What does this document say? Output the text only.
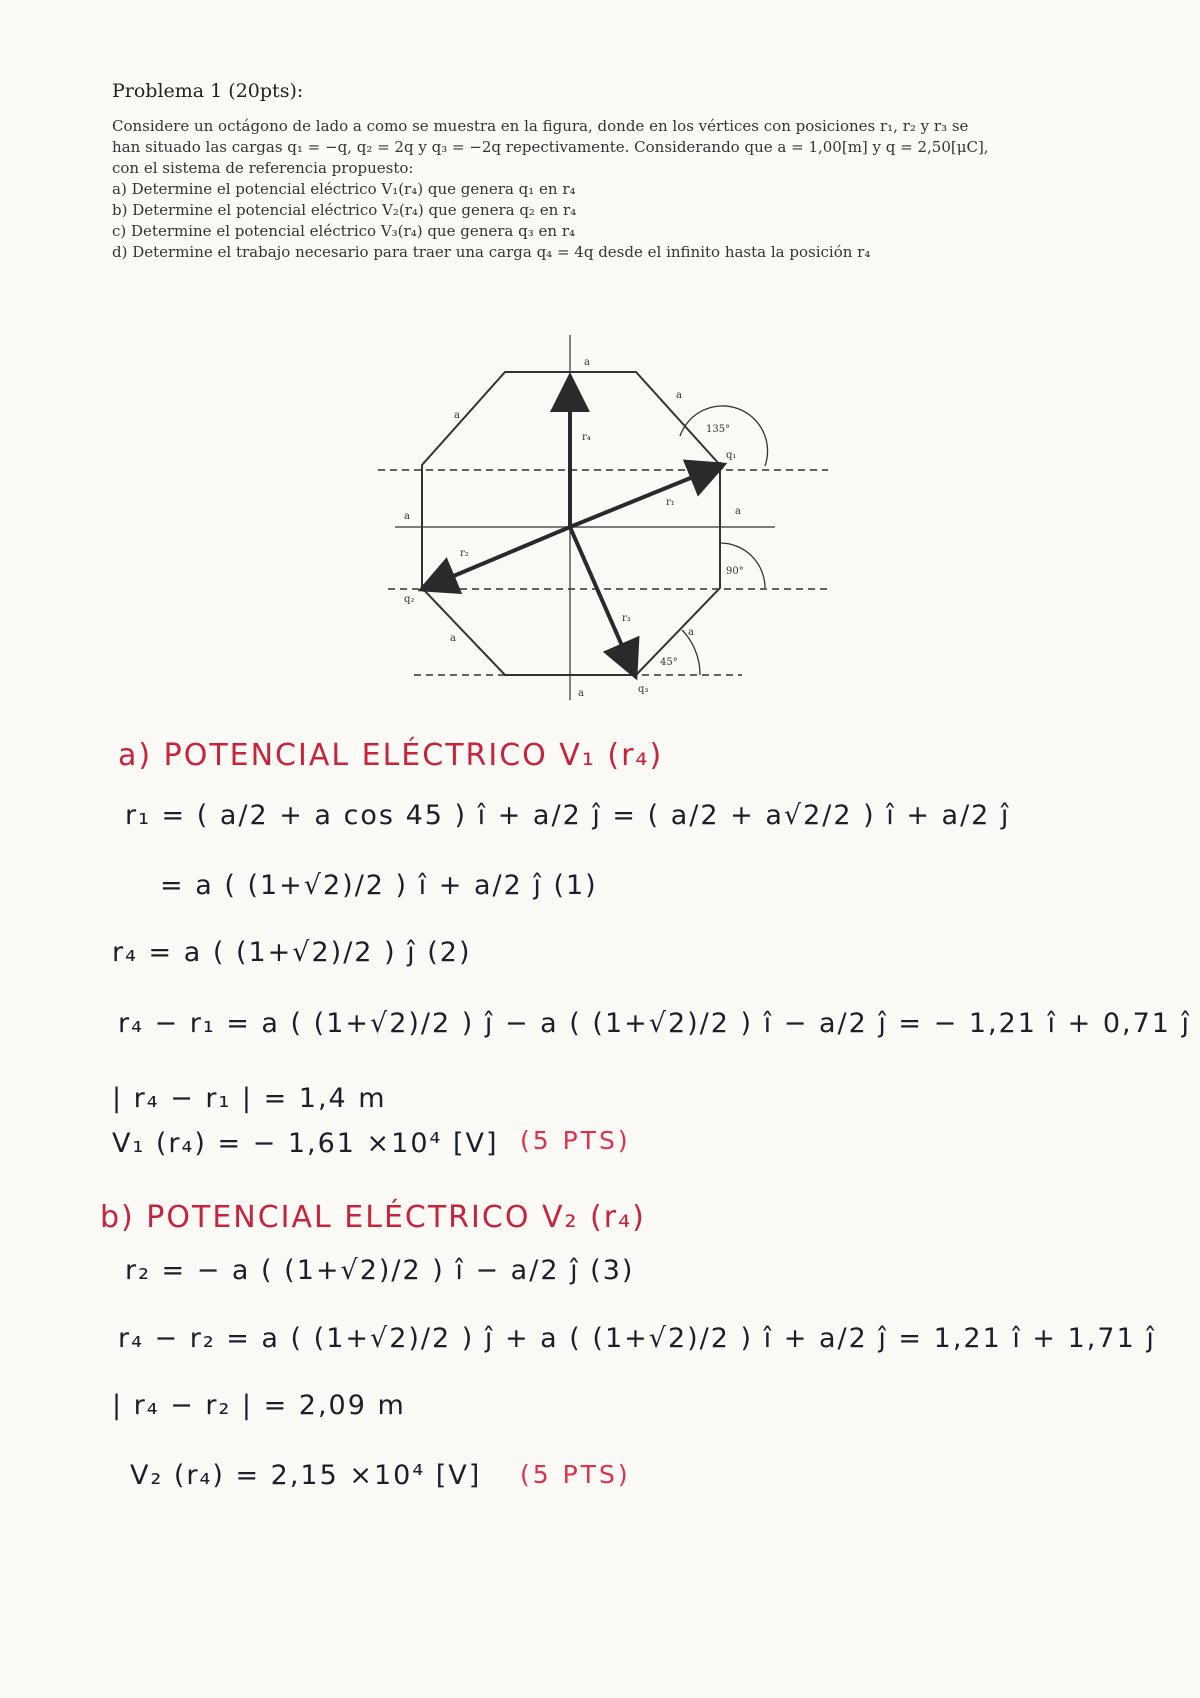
Problema 1 (20pts):
Considere un octágono de lado a como se muestra en la figura, donde en los vértices con posiciones r₁, r₂ y r₃ se
han situado las cargas q₁ = −q, q₂ = 2q y q₃ = −2q repectivamente. Considerando que a = 1,00[m] y q = 2,50[μC],
con el sistema de referencia propuesto:
a) Determine el potencial eléctrico V₁(r₄) que genera q₁ en r₄
b) Determine el potencial eléctrico V₂(r₄) que genera q₂ en r₄
c) Determine el potencial eléctrico V₃(r₄) que genera q₃ en r₄
d) Determine el trabajo necesario para traer una carga q₄ = 4q desde el infinito hasta la posición r₄
a
a
a
a	a
a
a
a
r₄
r₁
r₂
r₃
q₁
q₂
q₃
135°
90°
45°
a) POTENCIAL ELÉCTRICO V₁ (r₄)
r₁ = ( a/2 + a cos 45 ) î + a/2 ĵ = ( a/2 + a√2/2 ) î + a/2 ĵ
= a ( (1+√2)/2 ) î + a/2 ĵ (1)
r₄ = a ( (1+√2)/2 ) ĵ (2)
r₄ − r₁ = a ( (1+√2)/2 ) ĵ − a ( (1+√2)/2 ) î − a/2 ĵ = − 1,21 î + 0,71 ĵ
| r₄ − r₁ | = 1,4 m
V₁ (r₄) = − 1,61 ×10⁴ [V] (5 PTS)
b) POTENCIAL ELÉCTRICO V₂ (r₄)
r₂ = − a ( (1+√2)/2 ) î − a/2 ĵ (3)
r₄ − r₂ = a ( (1+√2)/2 ) ĵ + a ( (1+√2)/2 ) î + a/2 ĵ = 1,21 î + 1,71 ĵ
| r₄ − r₂ | = 2,09 m
V₂ (r₄) = 2,15 ×10⁴ [V] (5 PTS)
